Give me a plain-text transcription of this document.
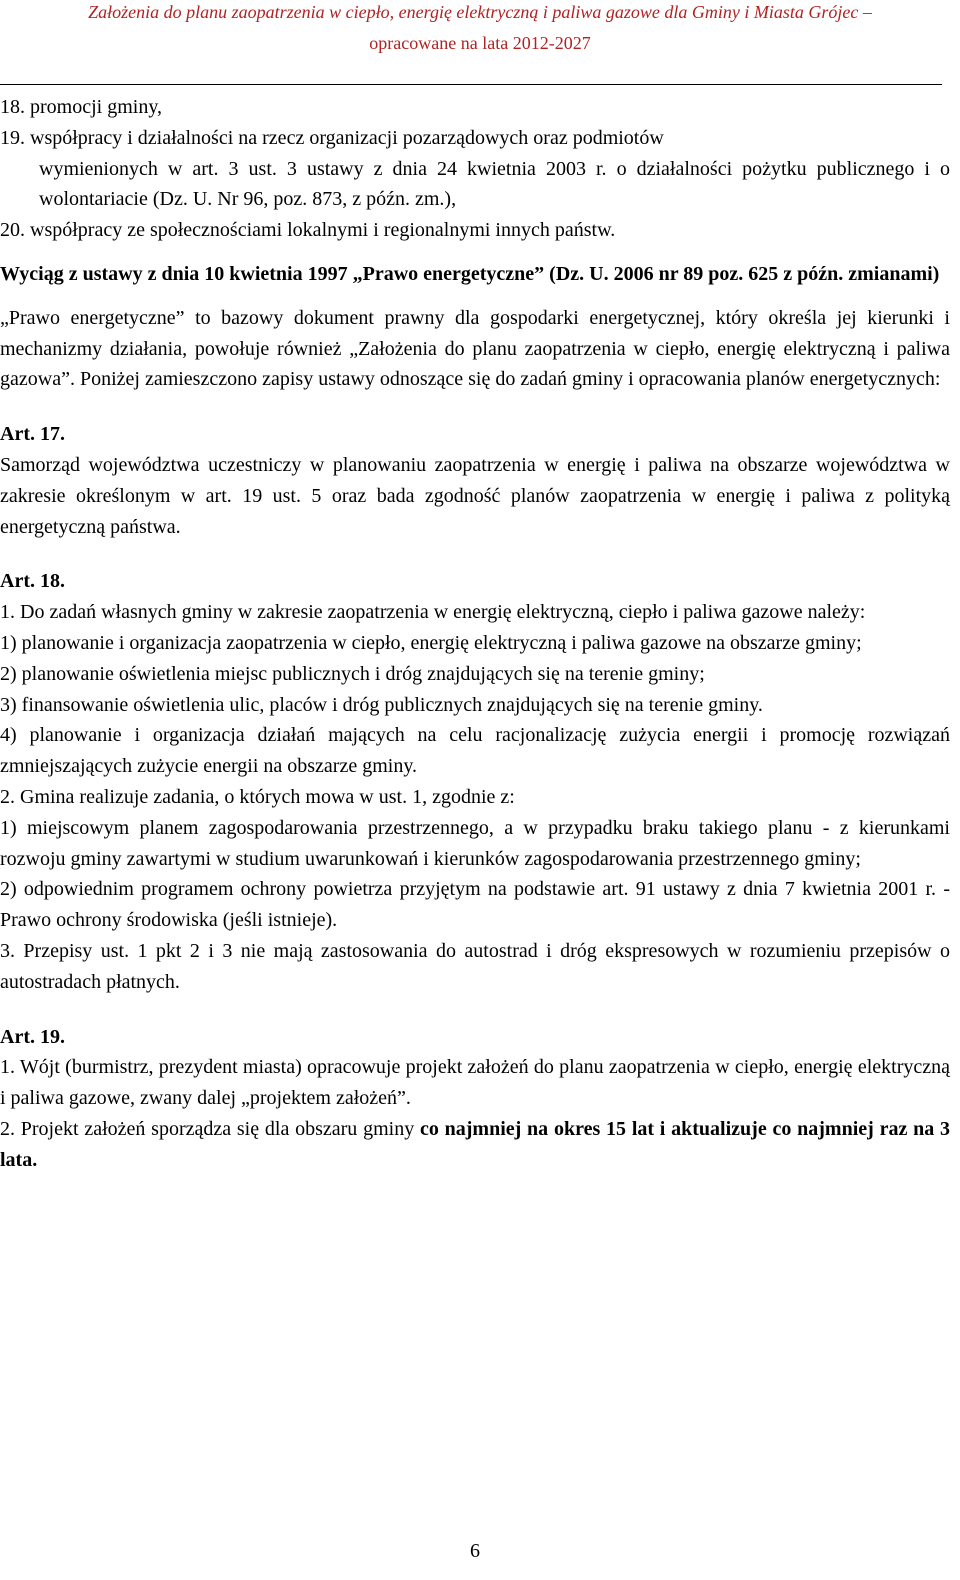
Założenia do planu zaopatrzenia w ciepło, energię elektryczną i paliwa gazowe dla Gminy i Miasta Grójec –
opracowane na lata 2012-2027

18. promocji gminy,

19. współpracy i działalności na rzecz organizacji pozarządowych oraz podmiotów
wymienionych w art. 3 ust. 3 ustawy z dnia 24 kwietnia 2003 r. o działalności pożytku publicznego i o wolontariacie (Dz. U. Nr 96, poz. 873, z późn. zm.),

20. współpracy ze społecznościami lokalnymi i regionalnymi innych państw.

Wyciąg z ustawy z dnia 10 kwietnia 1997 „Prawo energetyczne” (Dz. U. 2006 nr 89 poz. 625 z późn. zmianami)

„Prawo energetyczne” to bazowy dokument prawny dla gospodarki energetycznej, który określa jej kierunki i mechanizmy działania, powołuje również „Założenia do planu zaopatrzenia w ciepło, energię elektryczną i paliwa gazowa”. Poniżej zamieszczono zapisy ustawy odnoszące się do zadań gminy i opracowania planów energetycznych:

Art. 17.

Samorząd województwa uczestniczy w planowaniu zaopatrzenia w energię i paliwa na obszarze województwa w zakresie określonym w art. 19 ust. 5 oraz bada zgodność planów zaopatrzenia w energię i paliwa z polityką energetyczną państwa.

Art. 18.

1. Do zadań własnych gminy w zakresie zaopatrzenia w energię elektryczną, ciepło i paliwa gazowe należy:

1) planowanie i organizacja zaopatrzenia w ciepło, energię elektryczną i paliwa gazowe na obszarze gminy;

2) planowanie oświetlenia miejsc publicznych i dróg znajdujących się na terenie gminy;

3) finansowanie oświetlenia ulic, placów i dróg publicznych znajdujących się na terenie gminy.

4) planowanie i organizacja działań mających na celu racjonalizację zużycia energii i promocję rozwiązań zmniejszających zużycie energii na obszarze gminy.

2. Gmina realizuje zadania, o których mowa w ust. 1, zgodnie z:

1) miejscowym planem zagospodarowania przestrzennego, a w przypadku braku takiego planu - z kierunkami rozwoju gminy zawartymi w studium uwarunkowań i kierunków zagospodarowania przestrzennego gminy;

2) odpowiednim programem ochrony powietrza przyjętym na podstawie art. 91 ustawy z dnia 7 kwietnia 2001 r. - Prawo ochrony środowiska (jeśli istnieje).

3. Przepisy ust. 1 pkt 2 i 3 nie mają zastosowania do autostrad i dróg ekspresowych w rozumieniu przepisów o autostradach płatnych.

Art. 19.

1. Wójt (burmistrz, prezydent miasta) opracowuje projekt założeń do planu zaopatrzenia w ciepło, energię elektryczną i paliwa gazowe, zwany dalej „projektem założeń”.

2. Projekt założeń sporządza się dla obszaru gminy co najmniej na okres 15 lat i aktualizuje co najmniej raz na 3 lata.

6
